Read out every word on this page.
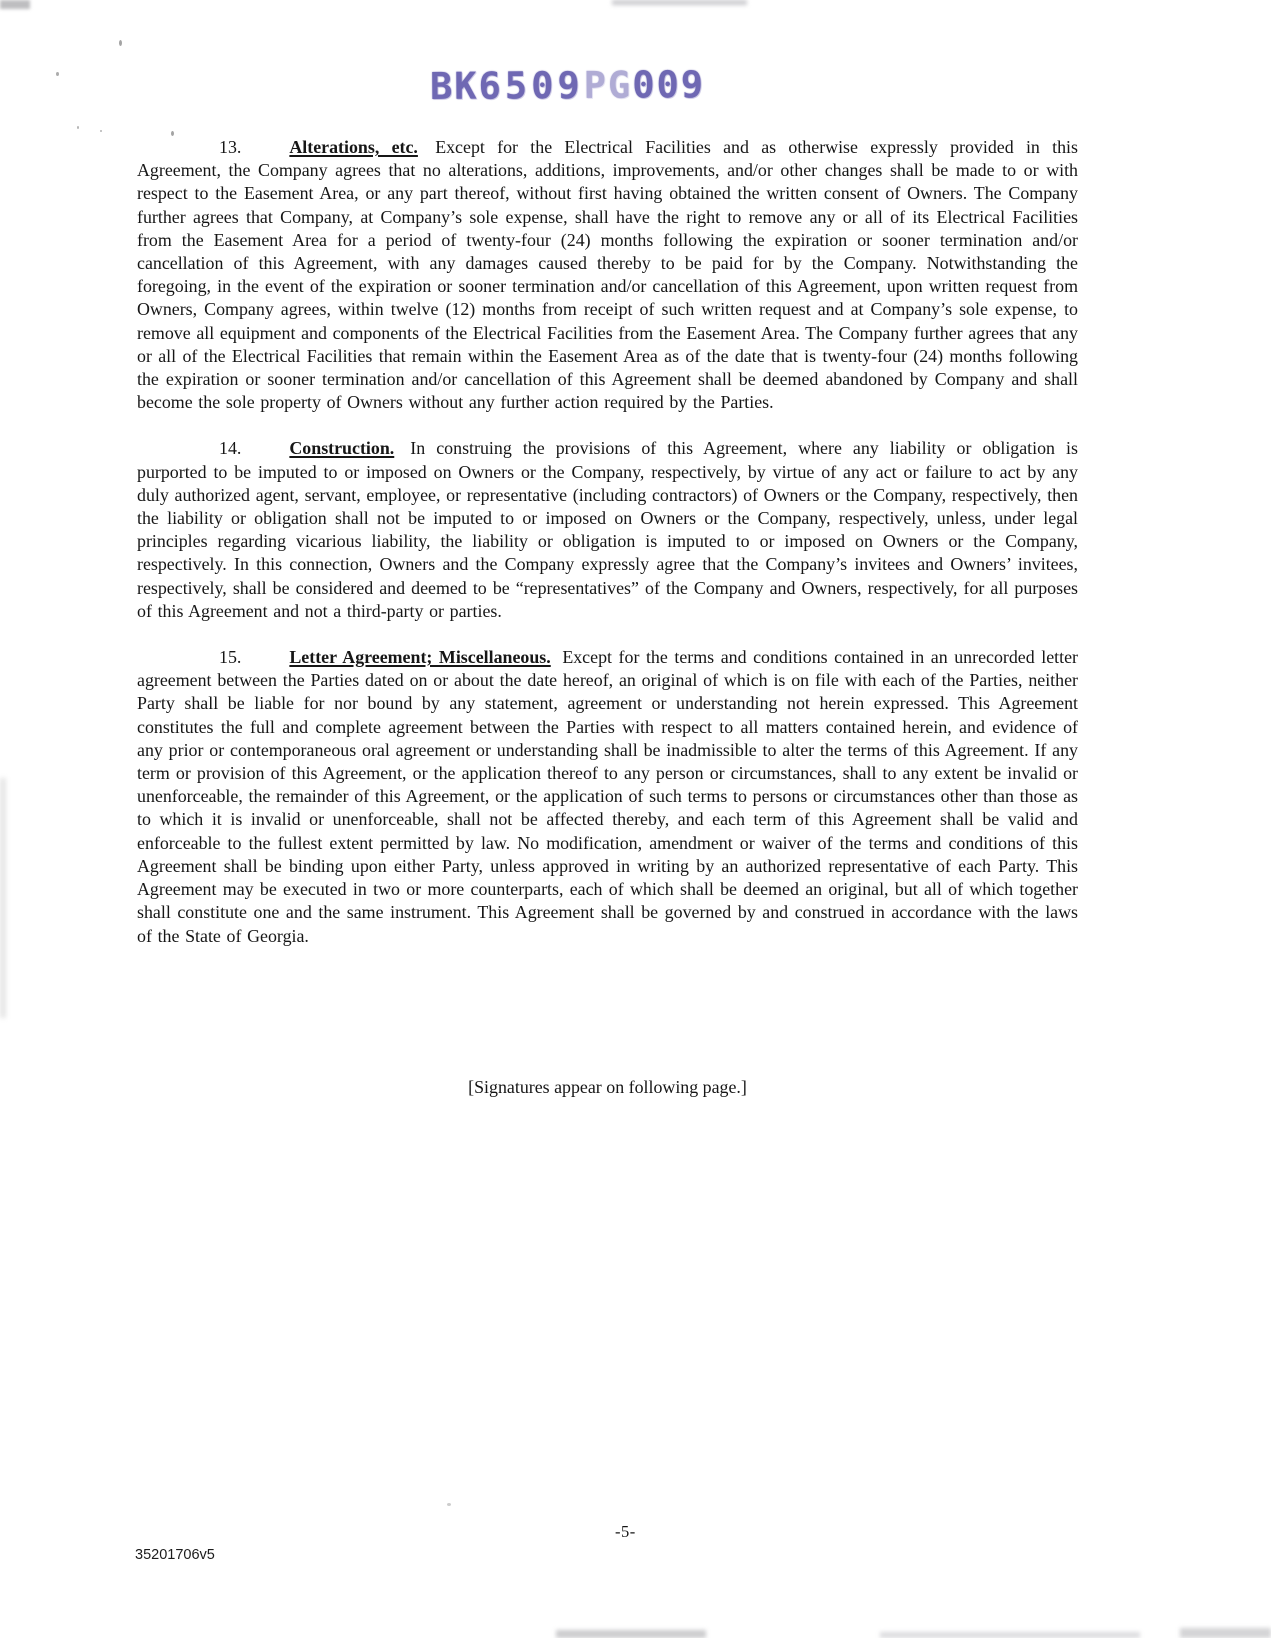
BK6509PG009

13.	Alterations, etc. Except for the Electrical Facilities and as otherwise expressly provided in this Agreement, the Company agrees that no alterations, additions, improvements, and/or other changes shall be made to or with respect to the Easement Area, or any part thereof, without first having obtained the written consent of Owners. The Company further agrees that Company, at Company’s sole expense, shall have the right to remove any or all of its Electrical Facilities from the Easement Area for a period of twenty-four (24) months following the expiration or sooner termination and/or cancellation of this Agreement, with any damages caused thereby to be paid for by the Company. Notwithstanding the foregoing, in the event of the expiration or sooner termination and/or cancellation of this Agreement, upon written request from Owners, Company agrees, within twelve (12) months from receipt of such written request and at Company’s sole expense, to remove all equipment and components of the Electrical Facilities from the Easement Area. The Company further agrees that any or all of the Electrical Facilities that remain within the Easement Area as of the date that is twenty-four (24) months following the expiration or sooner termination and/or cancellation of this Agreement shall be deemed abandoned by Company and shall become the sole property of Owners without any further action required by the Parties.

14.	Construction. In construing the provisions of this Agreement, where any liability or obligation is purported to be imputed to or imposed on Owners or the Company, respectively, by virtue of any act or failure to act by any duly authorized agent, servant, employee, or representative (including contractors) of Owners or the Company, respectively, then the liability or obligation shall not be imputed to or imposed on Owners or the Company, respectively, unless, under legal principles regarding vicarious liability, the liability or obligation is imputed to or imposed on Owners or the Company, respectively. In this connection, Owners and the Company expressly agree that the Company’s invitees and Owners’ invitees, respectively, shall be considered and deemed to be “representatives” of the Company and Owners, respectively, for all purposes of this Agreement and not a third-party or parties.

15.	Letter Agreement; Miscellaneous. Except for the terms and conditions contained in an unrecorded letter agreement between the Parties dated on or about the date hereof, an original of which is on file with each of the Parties, neither Party shall be liable for nor bound by any statement, agreement or understanding not herein expressed. This Agreement constitutes the full and complete agreement between the Parties with respect to all matters contained herein, and evidence of any prior or contemporaneous oral agreement or understanding shall be inadmissible to alter the terms of this Agreement. If any term or provision of this Agreement, or the application thereof to any person or circumstances, shall to any extent be invalid or unenforceable, the remainder of this Agreement, or the application of such terms to persons or circumstances other than those as to which it is invalid or unenforceable, shall not be affected thereby, and each term of this Agreement shall be valid and enforceable to the fullest extent permitted by law. No modification, amendment or waiver of the terms and conditions of this Agreement shall be binding upon either Party, unless approved in writing by an authorized representative of each Party. This Agreement may be executed in two or more counterparts, each of which shall be deemed an original, but all of which together shall constitute one and the same instrument. This Agreement shall be governed by and construed in accordance with the laws of the State of Georgia.

[Signatures appear on following page.]
-5-
35201706v5
